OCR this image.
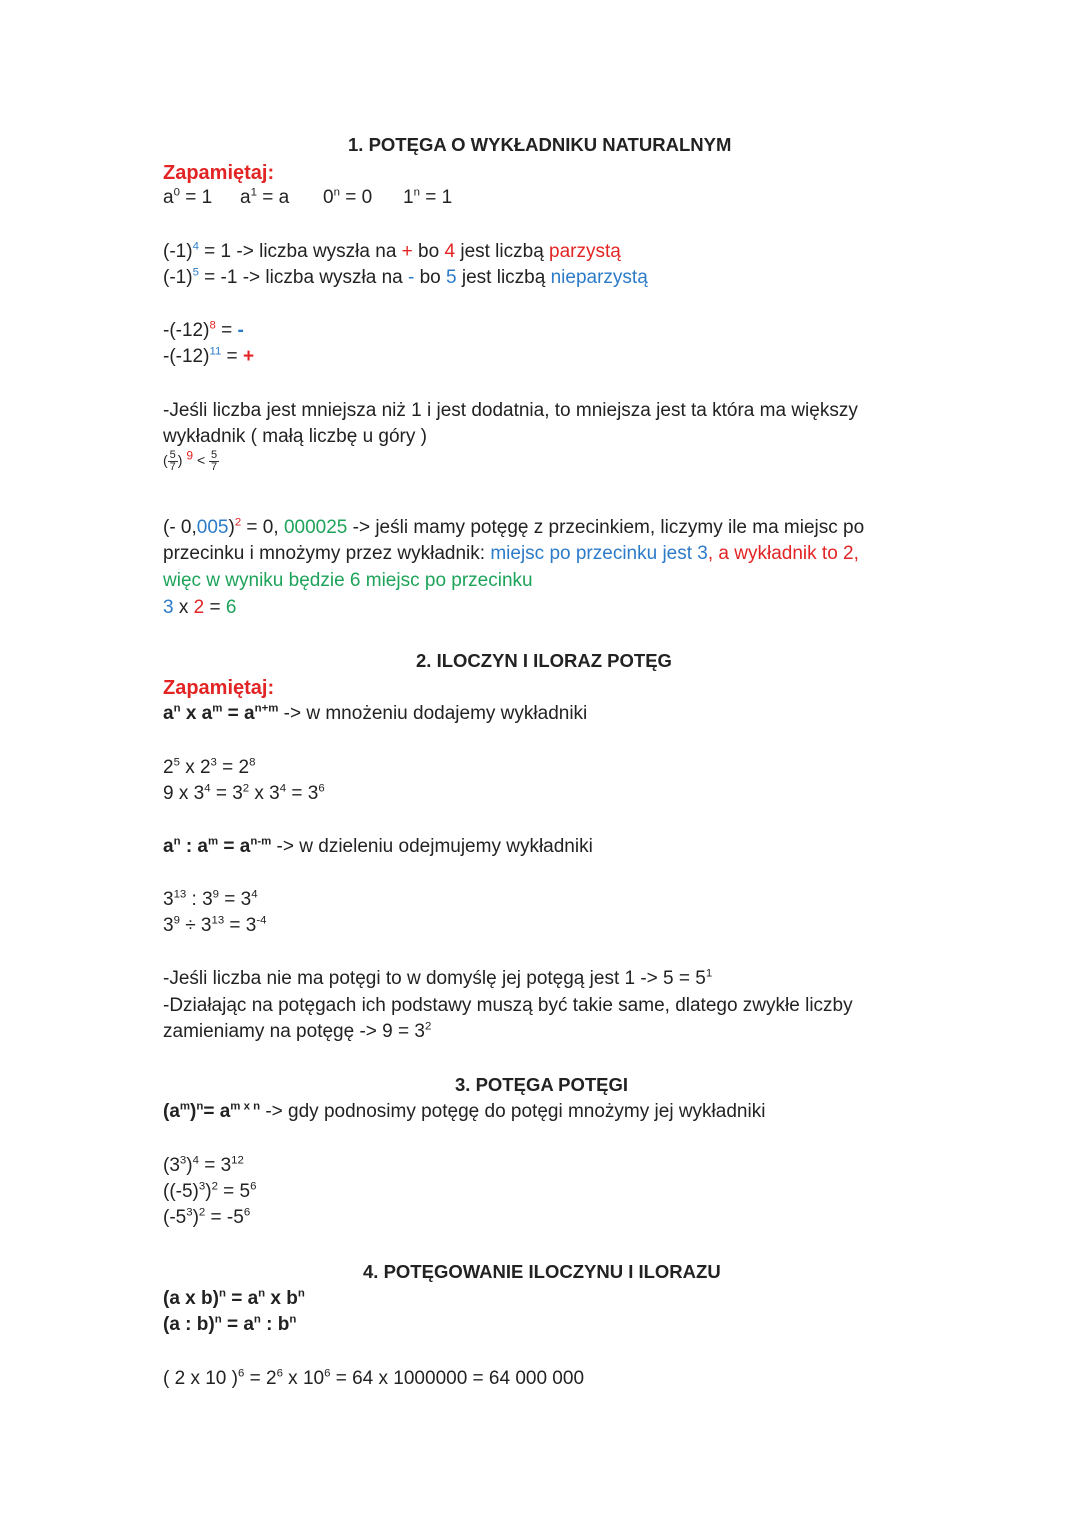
1. POTĘGA O WYKŁADNIKU NATURALNYM
Zapamiętaj:
$a^0 = 1$ $a^1 = a$ $0^n = 0$ $1^n = 1$
$(-1)^4 = 1$ -> liczba wyszła na + bo 4 jest liczbą parzystą
$(-1)^5 = -1$ -> liczba wyszła na - bo 5 jest liczbą nieparzystą
$-(-12)^8$ = -
$-(-12)^{11}$ = +
-Jeśli liczba jest mniejsza niż 1 i jest dodatnia, to mniejsza jest ta która ma większy
wykładnik ( małą liczbę u góry )
( $\frac{5}{7}$ ) $^9 < \frac{5}{7}$
(- 0,005)$^2$ = 0, 000025 -> jeśli mamy potęgę z przecinkiem, liczymy ile ma miejsc po
przecinku i mnożymy przez wykładnik: miejsc po przecinku jest 3, a wykładnik to 2,
więc w wyniku będzie 6 miejsc po przecinku
3 x 2 = 6
2. ILOCZYN I ILORAZ POTĘG
Zapamiętaj:
$a^n$ x $a^m = a^{n+m} -> w$ mnożeniu dodajemy wykładniki
$2^5$ x $2^3 = 2^8$
9 x $3^4 = 3^2$ x $3^4 = 3^6$
$a^n$ : $a^m = a^{n-m} -> w$ dzieleniu odejmujemy wykładniki
$3^{13}$ : $3^9 = 3^4$
$3^9 \div 3^{13} = 3^{-4}$
-Jeśli liczba nie ma potęgi to w domyślę jej potęgą jest $1 -> 5 = 5^1$
-Działając na potęgach ich podstawy muszą być takie same, dlatego zwykłe liczby
zamieniamy na potęgę -> $9 = 3^2$
3. POTĘGA POTĘGI
$(a^m)^n= a^{m x n}$ -> gdy podnosimy potęgę do potęgi mnożymy jej wykładniki
$(3^3)^4 = 3^{12}$
$((-5)^3)^2 = 5^6$
$(-5^3)^2 = -5^6$
4. POTĘGOWANIE ILOCZYNU I ILORAZU
(a x $b)^n = a^n$ x $b^n$
(a : $b)^n = a^n$ : $b^n$
( 2 x 10 )$^6 = 2^6$ x $10^6 = 64$ x 1000000 = 64 000 000
